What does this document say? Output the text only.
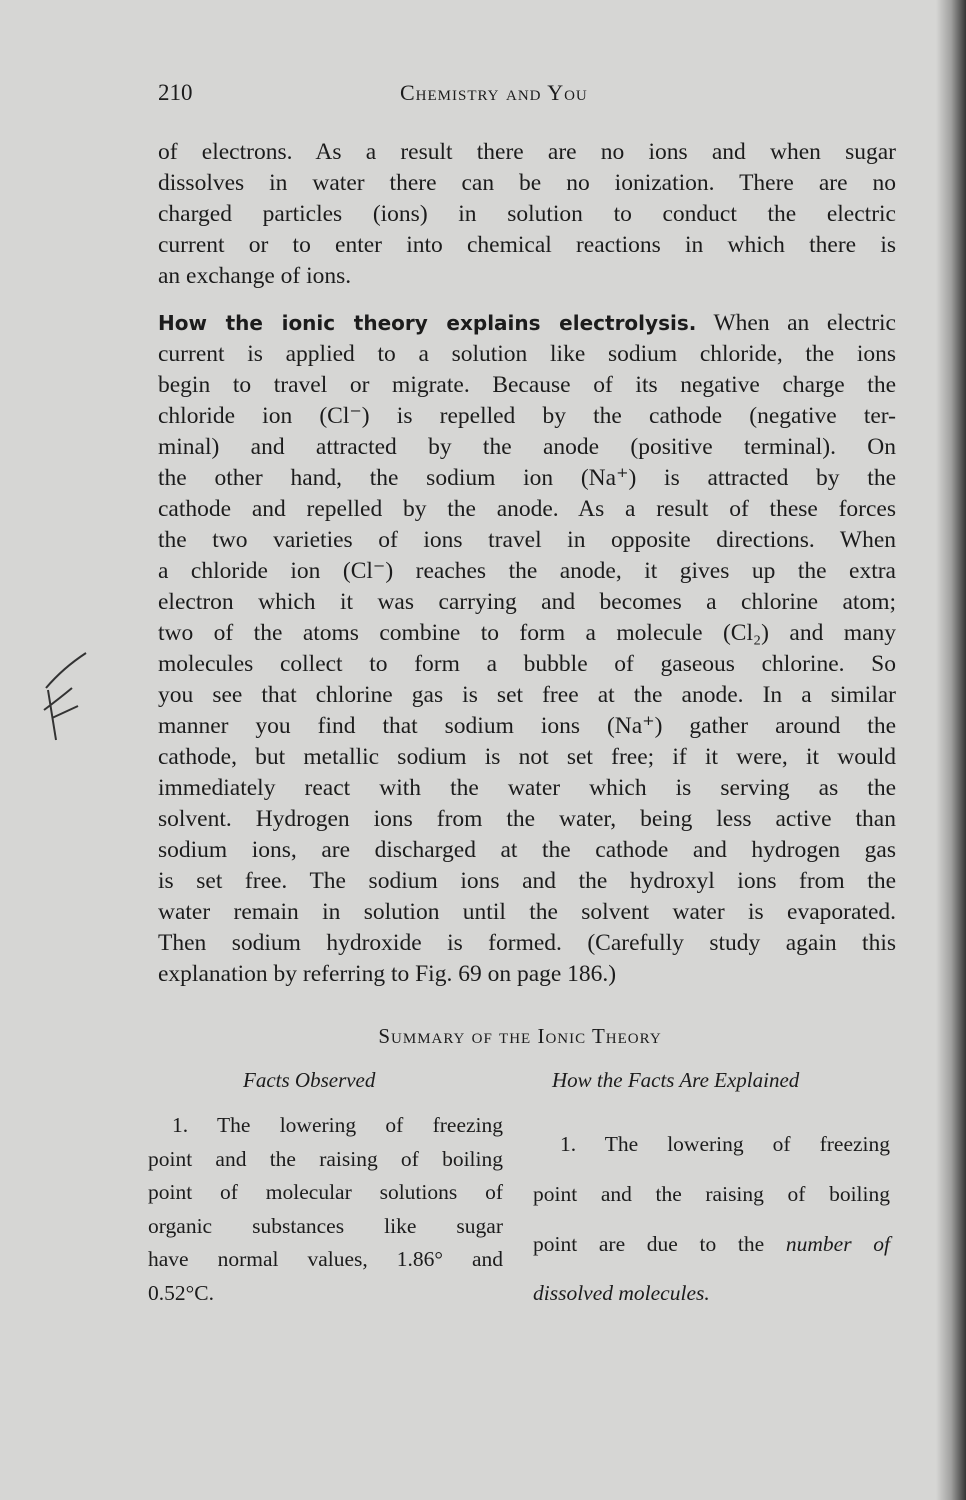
210	Chemistry and You
of electrons. As a result there are no ions and when sugar
dissolves in water there can be no ionization. There are no
charged particles (ions) in solution to conduct the electric
current or to enter into chemical reactions in which there is
an exchange of ions.
How the ionic theory explains electrolysis. When an electric
current is applied to a solution like sodium chloride, the ions
begin to travel or migrate. Because of its negative charge the
chloride ion (Cl⁻) is repelled by the cathode (negative ter-
minal) and attracted by the anode (positive terminal). On
the other hand, the sodium ion (Na⁺) is attracted by the
cathode and repelled by the anode. As a result of these forces
the two varieties of ions travel in opposite directions. When
a chloride ion (Cl⁻) reaches the anode, it gives up the extra
electron which it was carrying and becomes a chlorine atom;
two of the atoms combine to form a molecule (Cl₂) and many
molecules collect to form a bubble of gaseous chlorine. So
you see that chlorine gas is set free at the anode. In a similar
manner you find that sodium ions (Na⁺) gather around the
cathode, but metallic sodium is not set free; if it were, it would
immediately react with the water which is serving as the
solvent. Hydrogen ions from the water, being less active than
sodium ions, are discharged at the cathode and hydrogen gas
is set free. The sodium ions and the hydroxyl ions from the
water remain in solution until the solvent water is evaporated.
Then sodium hydroxide is formed. (Carefully study again this
explanation by referring to Fig. 69 on page 186.)
Summary of the Ionic Theory
Facts Observed	How the Facts Are Explained
1. The lowering of freezing
point and the raising of boiling
point of molecular solutions of
organic substances like sugar
have normal values, 1.86° and
0.52°C.
1. The lowering of freezing
point and the raising of boiling
point are due to the number of
dissolved molecules.
